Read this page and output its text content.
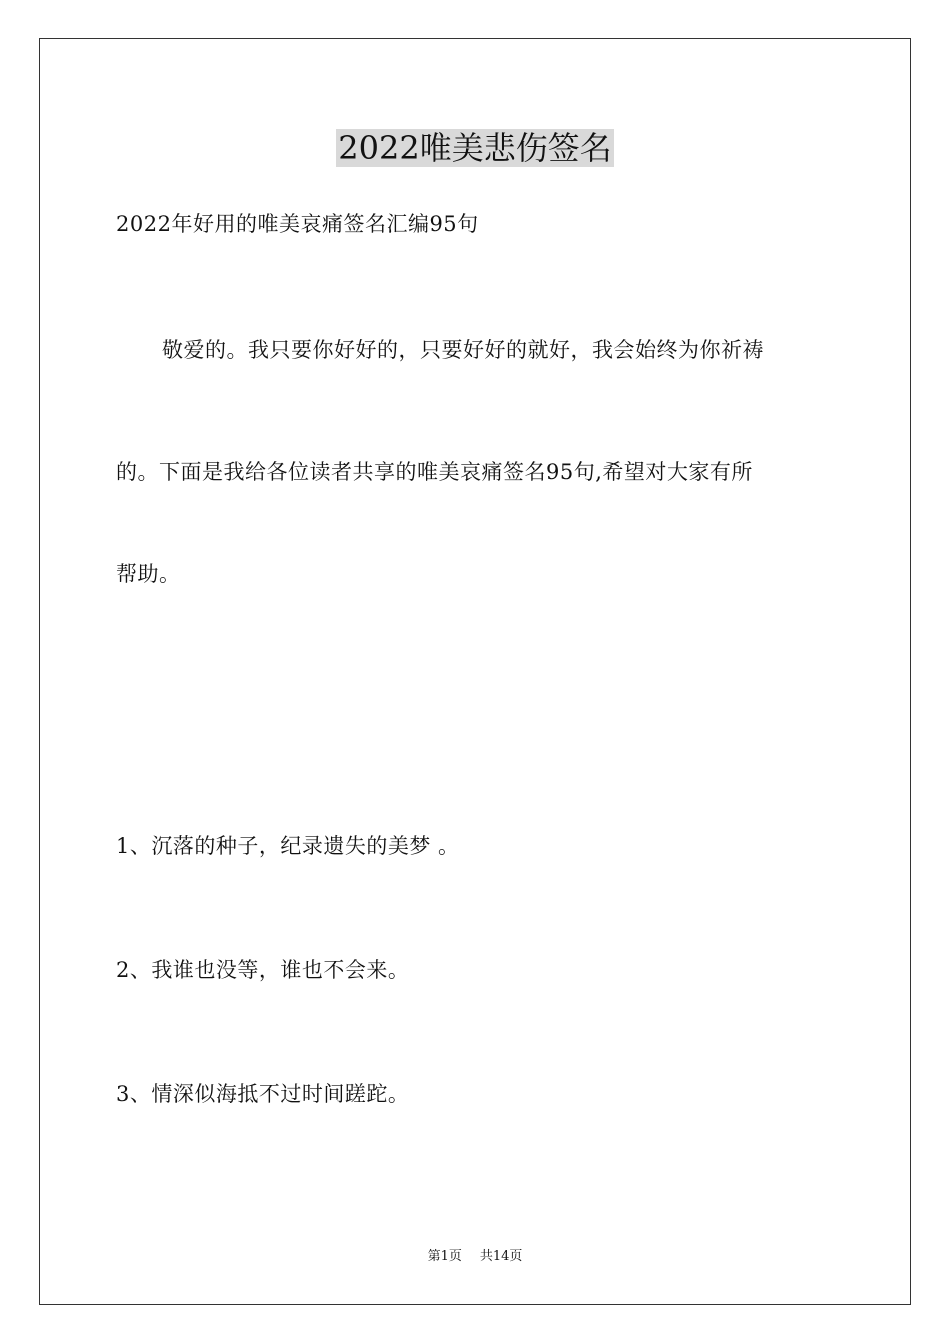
2022唯美悲伤签名
2022年好用的唯美哀痛签名汇编95句
敬爱的。我只要你好好的，只要好好的就好，我会始终为你祈祷
的。下面是我给各位读者共享的唯美哀痛签名95句,希望对大家有所
帮助。
1、沉落的种子，纪录遗失的美梦 。
2、我谁也没等，谁也不会来。
3、情深似海抵不过时间蹉跎。
第1页 共14页
